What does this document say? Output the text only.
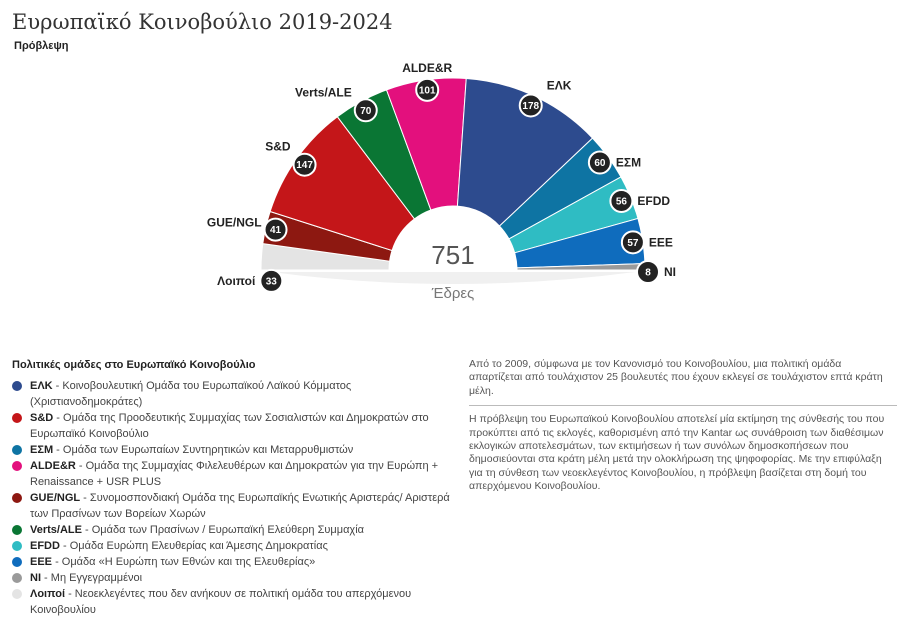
Ευρωπαϊκό Κοινοβούλιο 2019-2024
Πρόβλεψη
751
Έδρες
33
Λοιποί
41
GUE/NGL
147
S&D
70
Verts/ALE	101
ALDE&R
178
ΕΛΚ
60 ΕΣΜ
56 EFDD
57 EEE
8 NI
Πολιτικές ομάδες στο Ευρωπαϊκό Κοινοβούλιο
ΕΛΚ - Κοινοβουλευτική Ομάδα του Ευρωπαϊκού Λαϊκού Κόμματος (Χριστιανοδημοκράτες)
S&D - Ομάδα της Προοδευτικής Συμμαχίας των Σοσιαλιστών και Δημοκρατών στο Ευρωπαϊκό Κοινοβούλιο
ΕΣΜ - Ομάδα των Ευρωπαίων Συντηρητικών και Μεταρρυθμιστών
ALDE&R - Ομάδα της Συμμαχίας Φιλελευθέρων και Δημοκρατών για την Ευρώπη + Renaissance + USR PLUS
GUE/NGL - Συνομοσπονδιακή Ομάδα της Ευρωπαϊκής Ενωτικής Αριστεράς/ Αριστερά των Πρασίνων των Βορείων Χωρών
Verts/ALE - Ομάδα των Πρασίνων / Ευρωπαϊκή Ελεύθερη Συμμαχία
EFDD - Ομάδα Ευρώπη Ελευθερίας και Άμεσης Δημοκρατίας
EEE - Ομάδα «Η Ευρώπη των Εθνών και της Ελευθερίας»
NI - Μη Εγγεγραμμένοι
Λοιποί - Νεοεκλεγέντες που δεν ανήκουν σε πολιτική ομάδα του απερχόμενου Κοινοβουλίου
Από το 2009, σύμφωνα με τον Κανονισμό του Κοινοβουλίου, μια πολιτική ομάδα απαρτίζεται από τουλάχιστον 25 βουλευτές που έχουν εκλεγεί σε τουλάχιστον επτά κράτη μέλη.
Η πρόβλεψη του Ευρωπαϊκού Κοινοβουλίου αποτελεί μία εκτίμηση της σύνθεσής του που προκύπτει από τις εκλογές, καθορισμένη από την Kantar ως συνάθροιση των διαθέσιμων εκλογικών αποτελεσμάτων, των εκτιμήσεων ή των συνόλων δημοσκοπήσεων που δημοσιεύονται στα κράτη μέλη μετά την ολοκλήρωση της ψηφοφορίας. Με την επιφύλαξη για τη σύνθεση των νεοεκλεγέντος Κοινοβουλίου, η πρόβλεψη βασίζεται στη δομή του απερχόμενου Κοινοβουλίου.
